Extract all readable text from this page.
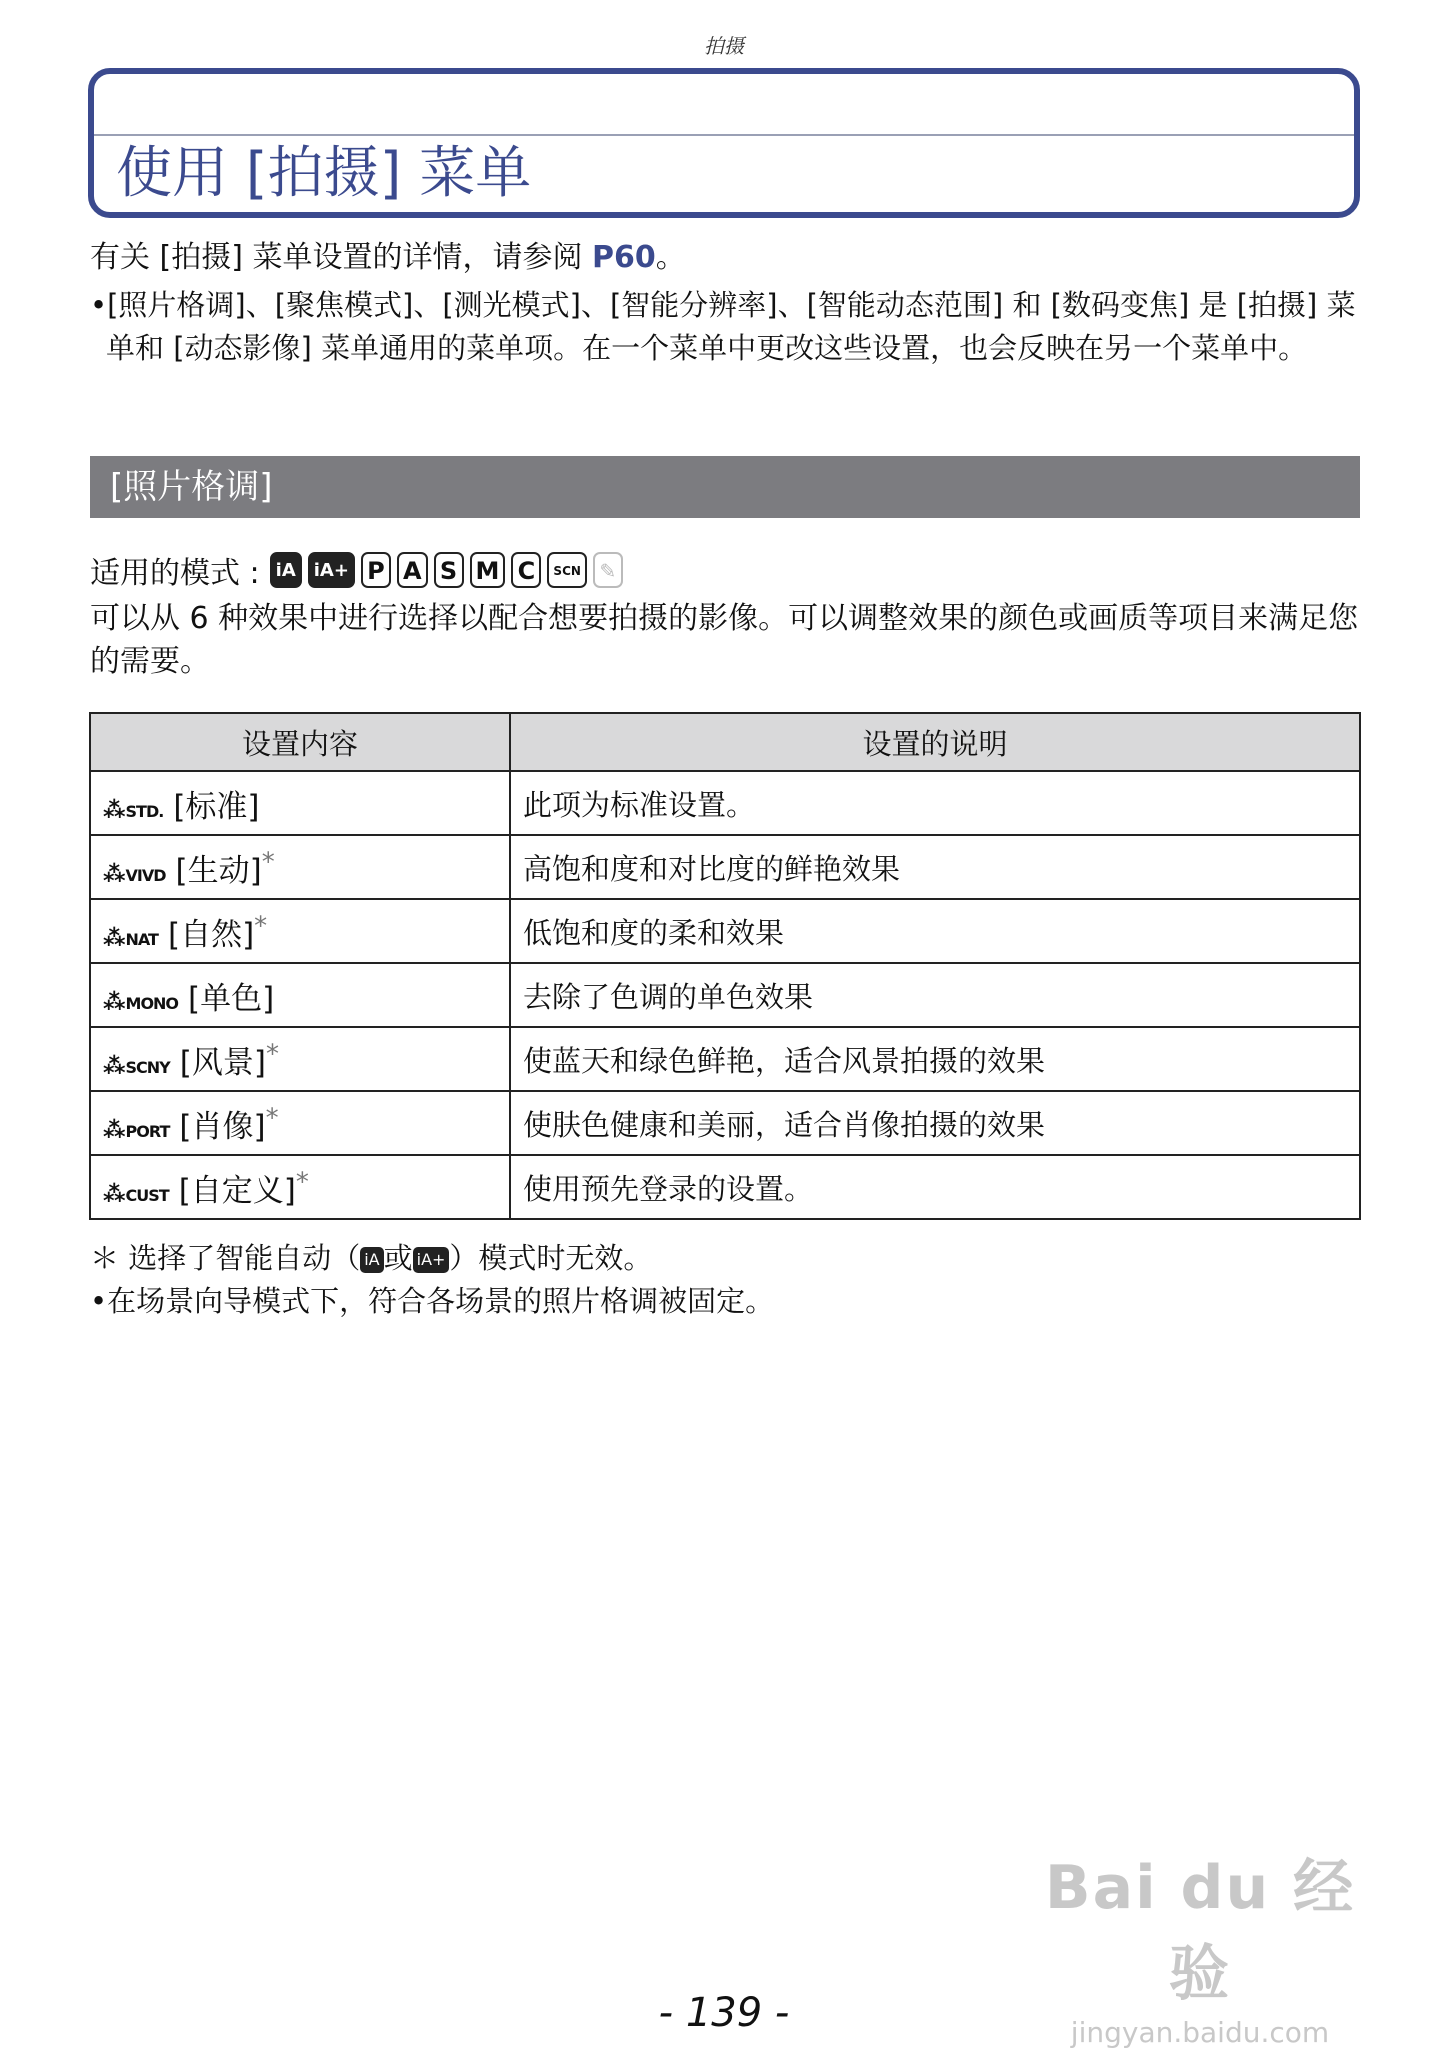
拍摄
使用 [拍摄] 菜单
有关 [拍摄] 菜单设置的详情，请参阅 P60。
•[照片格调]、[聚焦模式]、[测光模式]、[智能分辨率]、[智能动态范围] 和 [数码变焦] 是 [拍摄] 菜单和 [动态影像] 菜单通用的菜单项。在一个菜单中更改这些设置，也会反映在另一个菜单中。
[照片格调]
适用的模式 : iA	iA+ P A S M C	SCN ✎
可以从 6 种效果中进行选择以配合想要拍摄的影像。可以调整效果的颜色或画质等项目来满足您的需要。
设置内容	设置的说明
⁂STD. [标准]	此项为标准设置。
⁂VIVD [生动]*	高饱和度和对比度的鲜艳效果
⁂NAT [自然]*	低饱和度的柔和效果
⁂MONO [单色]	去除了色调的单色效果
⁂SCNY [风景]*	使蓝天和绿色鲜艳，适合风景拍摄的效果
⁂PORT [肖像]*	使肤色健康和美丽，适合肖像拍摄的效果
⁂CUST [自定义]*	使用预先登录的设置。
＊ 选择了智能自动（ iA 或 iA+ ）模式时无效。
•在场景向导模式下，符合各场景的照片格调被固定。
Bai du 经验
jingyan.baidu.com
- 139 -
